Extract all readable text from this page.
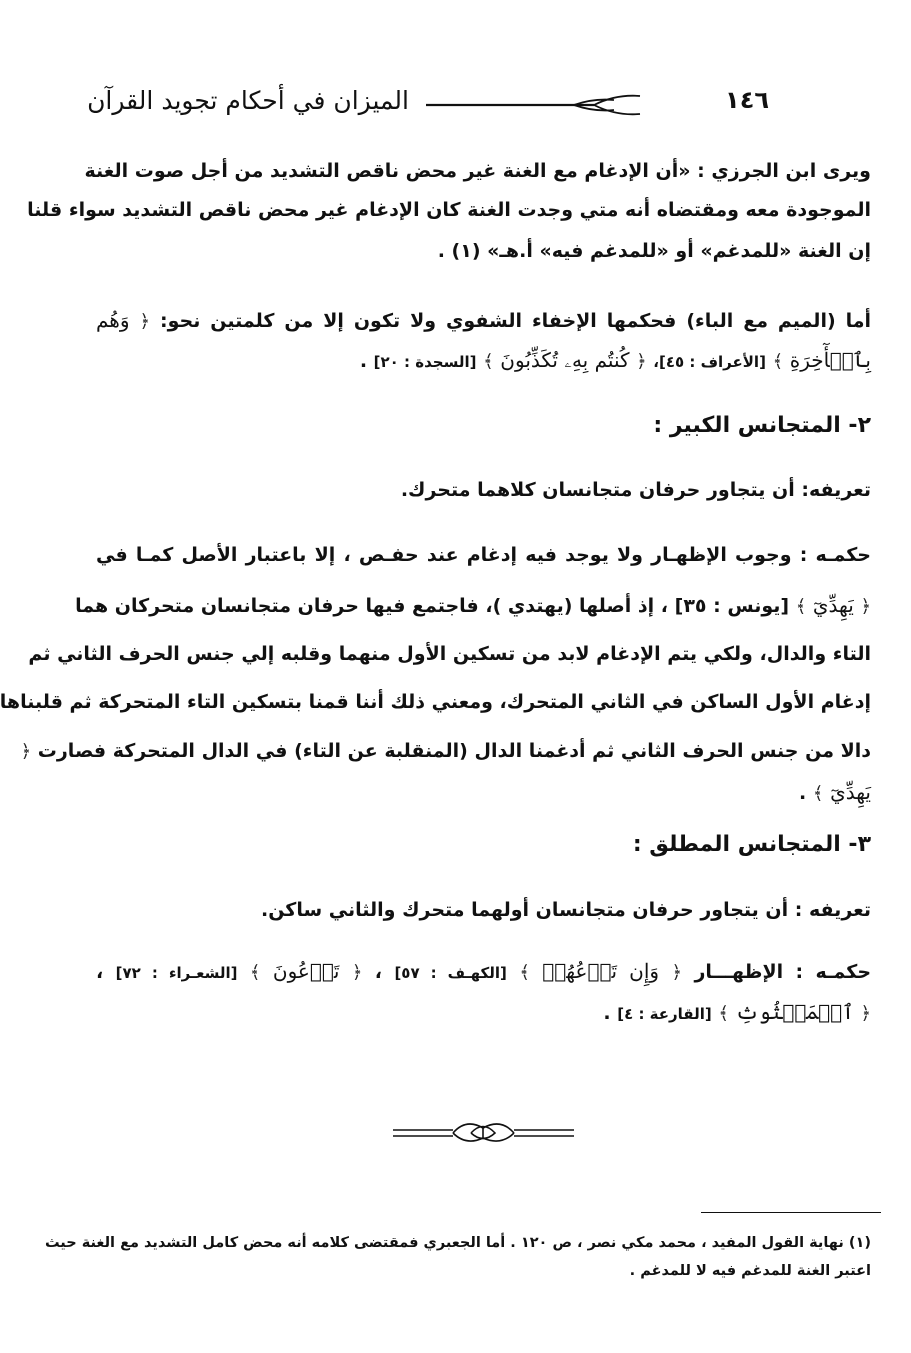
الميزان في أحكام تجويد القرآن	١٤٦
ويرى ابن الجرزي : «أن الإدغام مع الغنة غير محض ناقص التشديد من أجل صوت الغنة
الموجودة معه ومقتضاه أنه متي وجدت الغنة كان الإدغام غير محض ناقص التشديد سواء قلنا
إن الغنة «للمدغم» أو «للمدغم فيه» أ.هـ» (١) .
أما (الميم مع الباء) فحكمها الإخفاء الشفوي ولا تكون إلا من كلمتين نحو: ﴿ وَهُم
بِٱلۡأٓخِرَةِ ﴾ [الأعراف : ٤٥]، ﴿ كُنتُم بِهِۦ تُكَذِّبُونَ ﴾ [السجدة : ٢٠] .
٢- المتجانس الكبير :
تعريفه: أن يتجاور حرفان متجانسان كلاهما متحرك.
حكمـه : وجوب الإظهـار ولا يوجد فيه إدغام عند حفـص ، إلا باعتبار الأصل كمـا في
﴿ يَهِدِّيٓ ﴾ [يونس : ٣٥] ، إذ أصلها (يهتدي )، فاجتمع فيها حرفان متجانسان متحركان هما
التاء والدال، ولكي يتم الإدغام لابد من تسكين الأول منهما وقلبه إلي جنس الحرف الثاني ثم
إدغام الأول الساكن في الثاني المتحرك، ومعني ذلك أننا قمنا بتسكين التاء المتحركة ثم قلبناها
دالا من جنس الحرف الثاني ثم أدغمنا الدال (المنقلبة عن التاء) في الدال المتحركة فصارت ﴿
يَهِدِّيٓ ﴾ .
٣- المتجانس المطلق :
تعريفه : أن يتجاور حرفان متجانسان أولهما متحرك والثاني ساكن.
حكمـه : الإظهـــار ﴿ وَإِن تَدۡعُهُمۡ ﴾ [الكهـف : ٥٧] ، ﴿ تَدۡعُونَ ﴾ [الشعـراء : ٧٢] ،
﴿ ٱلۡمَبۡثُوثِ ﴾ [القارعة : ٤] .
(١) نهاية القول المفيد ، محمد مكي نصر ، ص ١٢٠ . أما الجعبري فمقتضى كلامه أنه محض كامل التشديد مع الغنة حيث
اعتبر الغنة للمدغم فيه لا للمدغم .
